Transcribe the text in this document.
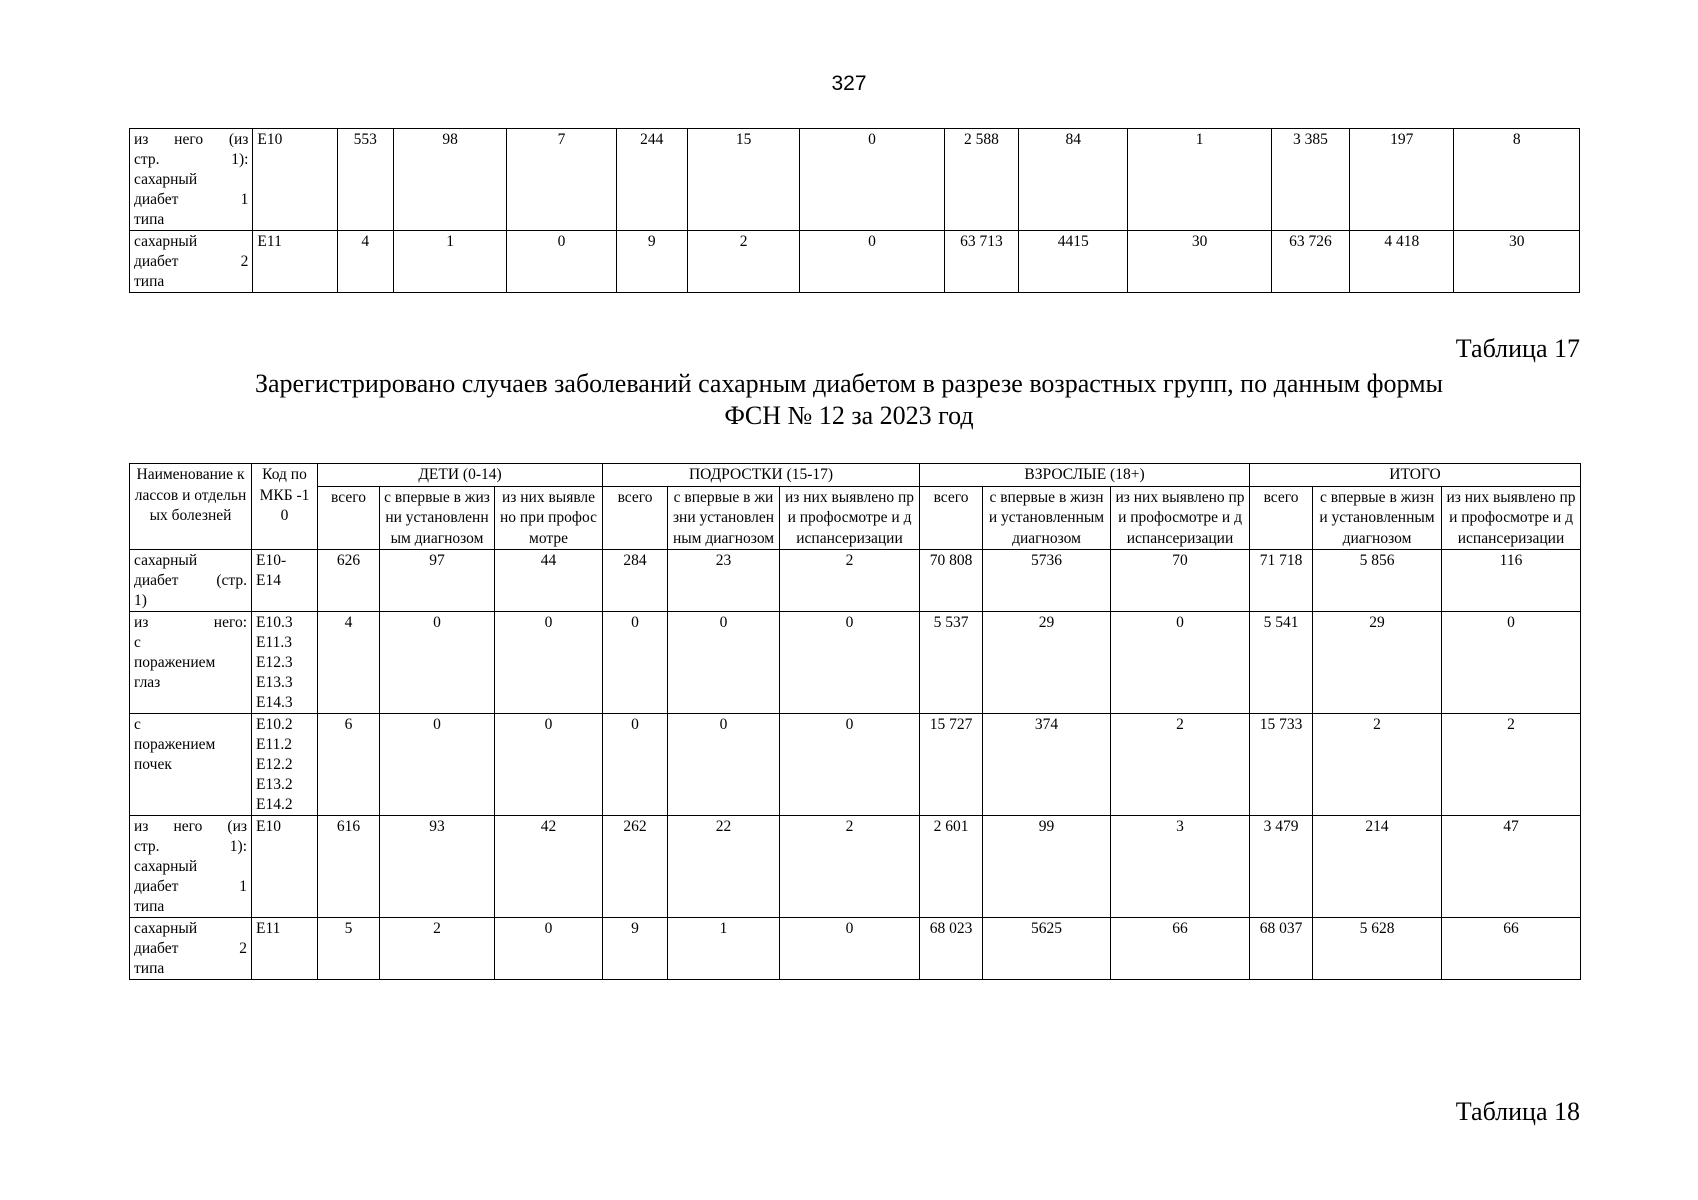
327
из него (из
стр. 1):
сахарный
диабет 1
типа	E10	553	98	7	244	15	0	2 588	84	1	3 385	197	8

сахарный
диабет 2
типа	E11	4	1	0	9	2	0	63 713	4415	30	63 726	4 418	30
Таблица 17
Зарегистрировано случаев заболеваний сахарным диабетом в разрезе возрастных групп, по данным формы
ФСН № 12 за 2023 год
Наименование классов и отдельных болезней	Код по МКБ -10	ДЕТИ (0-14)			ПОДРОСТКИ (15-17)			ВЗРОСЛЫЕ (18+)			ИТОГО		
		всего	с впервые в жизни установленным диагнозом	из них выявлено при профосмотре	всего	с впервые в жизни установленным диагнозом	из них выявлено при профосмотре и диспансеризации	всего	с впервые в жизни установленным диагнозом	из них выявлено при профосмотре и диспансеризации	всего	с впервые в жизни установленным диагнозом	из них выявлено при профосмотре и диспансеризации

сахарный
диабет (стр.
1)	E10-
E14	626	97	44	284	23	2	70 808	5736	70	71 718	5 856	116

из него:
с
поражением
глаз	E10.3
E11.3
E12.3
E13.3
E14.3	4	0	0	0	0	0	5 537	29	0	5 541	29	0

с
поражением
почек	E10.2
E11.2
E12.2
E13.2
E14.2	6	0	0	0	0	0	15 727	374	2	15 733	2	2

из него (из
стр. 1):
сахарный
диабет 1
типа	E10	616	93	42	262	22	2	2 601	99	3	3 479	214	47

сахарный
диабет 2
типа	E11	5	2	0	9	1	0	68 023	5625	66	68 037	5 628	66
Таблица 18
